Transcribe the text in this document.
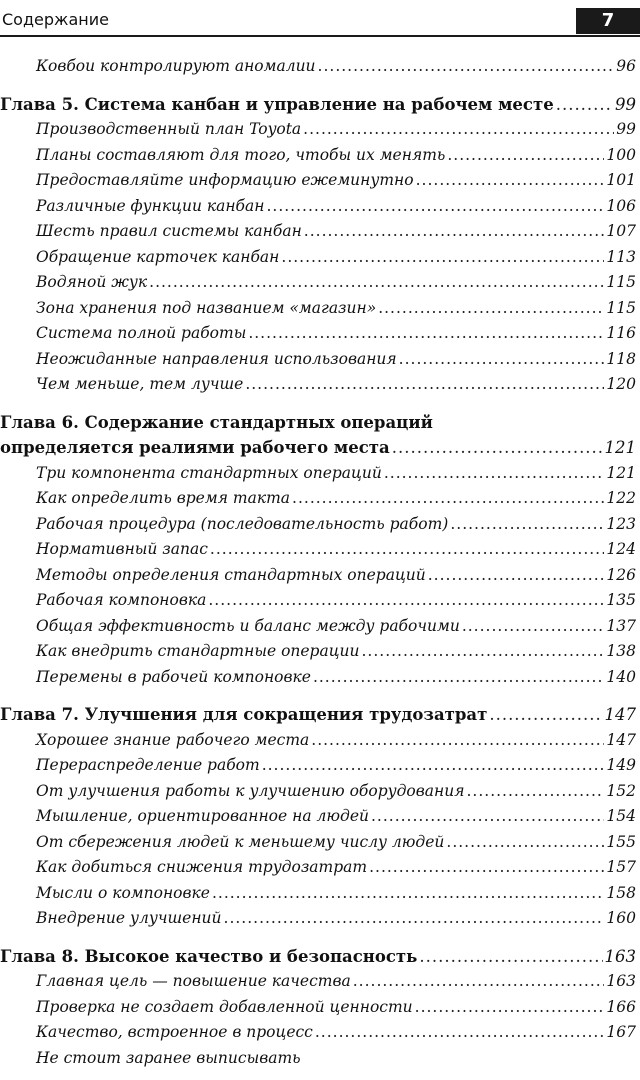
Содержание	7
Ковбои контролируют аномалии .....	96
Глава 5. Система канбан и управление на рабочем месте .....	99
Производственный план Toyota .....	99
Планы составляют для того, чтобы их менять .....	100
Предоставляйте информацию ежеминутно .....	101
Различные функции канбан .....	106
Шесть правил системы канбан .....	107
Обращение карточек канбан .....	113
Водяной жук .....	115
Зона хранения под названием «магазин» .....	115
Система полной работы .....	116
Неожиданные направления использования .....	118
Чем меньше, тем лучше .....	120
Глава 6. Содержание стандартных операций
определяется реалиями рабочего места .....	121
Три компонента стандартных операций .....	121
Как определить время такта .....	122
Рабочая процедура (последовательность работ) .....	123
Нормативный запас .....	124
Методы определения стандартных операций .....	126
Рабочая компоновка .....	135
Общая эффективность и баланс между рабочими .....	137
Как внедрить стандартные операции .....	138
Перемены в рабочей компоновке .....	140
Глава 7. Улучшения для сокращения трудозатрат .....	147
Хорошее знание рабочего места .....	147
Перераспределение работ .....	149
От улучшения работы к улучшению оборудования .....	152
Мышление, ориентированное на людей .....	154
От сбережения людей к меньшему числу людей .....	155
Как добиться снижения трудозатрат .....	157
Мысли о компоновке .....	158
Внедрение улучшений .....	160
Глава 8. Высокое качество и безопасность .....	163
Главная цель — повышение качества .....	163
Проверка не создает добавленной ценности .....	166
Качество, встроенное в процесс .....	167
Не стоит заранее выписывать
